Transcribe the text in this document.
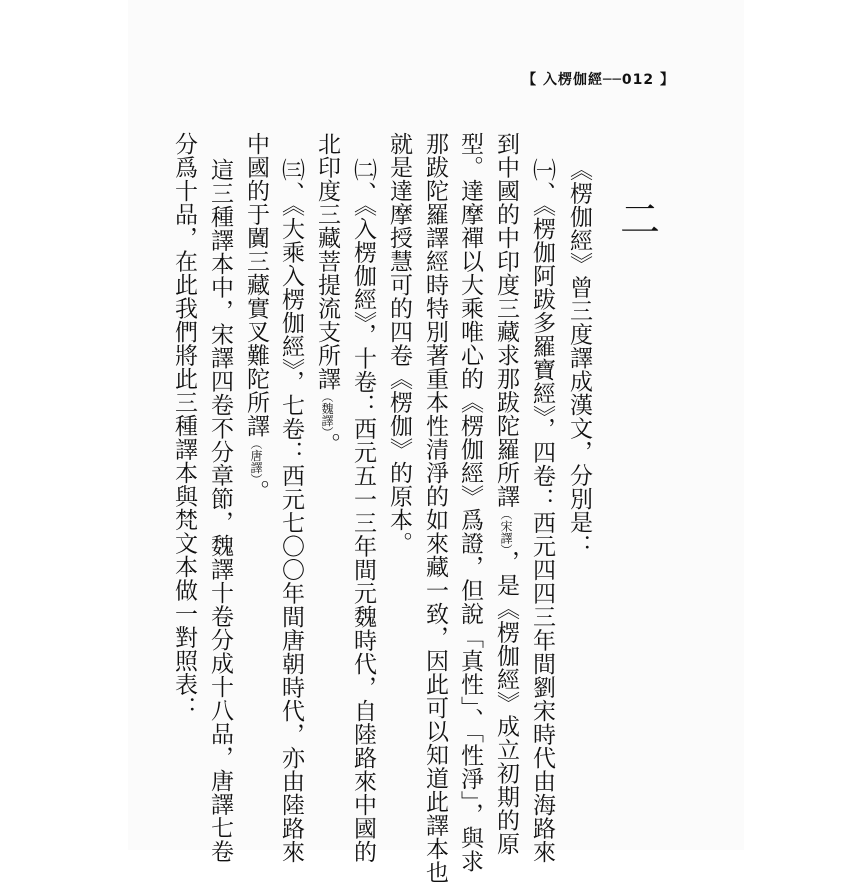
【 入楞伽經──012 】
二
《楞伽經》曾三度譯成漢文，分別是：
㈠、《楞伽阿跋多羅寶經》，四卷：西元四四三年間劉宋時代由海路來
到中國的中印度三藏求那跋陀羅所譯（宋譯），是《楞伽經》成立初期的原
型。達摩禪以大乘唯心的《楞伽經》爲證，但說「真性」、「性淨」，與求
那跋陀羅譯經時特別著重本性清淨的如來藏一致，因此可以知道此譯本也
就是達摩授慧可的四卷《楞伽》的原本。
㈡、《入楞伽經》，十卷：西元五一三年間元魏時代，自陸路來中國的
北印度三藏菩提流支所譯（魏譯）。
㈢、《大乘入楞伽經》，七卷：西元七〇〇年間唐朝時代，亦由陸路來
中國的于闐三藏實叉難陀所譯（唐譯）。
這三種譯本中，宋譯四卷不分章節，魏譯十卷分成十八品，唐譯七卷
分爲十品，在此我們將此三種譯本與梵文本做一對照表：
